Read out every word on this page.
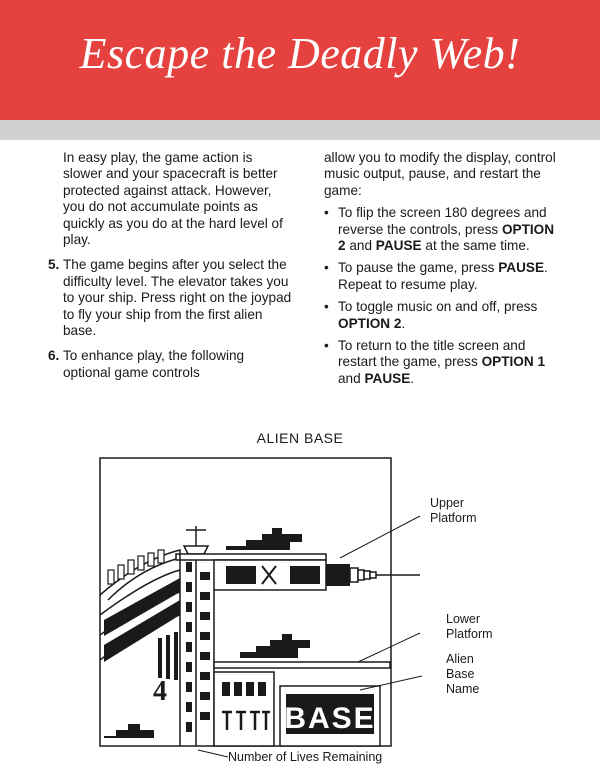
Escape the Deadly Web!

In easy play, the game action is slower and your spacecraft is better protected against attack. However, you do not accumulate points as quickly as you do at the hard level of play.

5. The game begins after you select the difficulty level. The elevator takes you to your ship. Press right on the joypad to fly your ship from the first alien base.
6. To enhance play, the following optional game controls

allow you to modify the display, control music output, pause, and restart the game:

• To flip the screen 180 degrees and reverse the controls, press OPTION 2 and PAUSE at the same time.
• To pause the game, press PAUSE. Repeat to resume play.
• To toggle music on and off, press OPTION 2.
• To return to the title screen and restart the game, press OPTION 1 and PAUSE.
ALIEN BASE
BASE
4
Upper
Platform
Lower
Platform
Alien
Base
Name
Number of Lives Remaining
